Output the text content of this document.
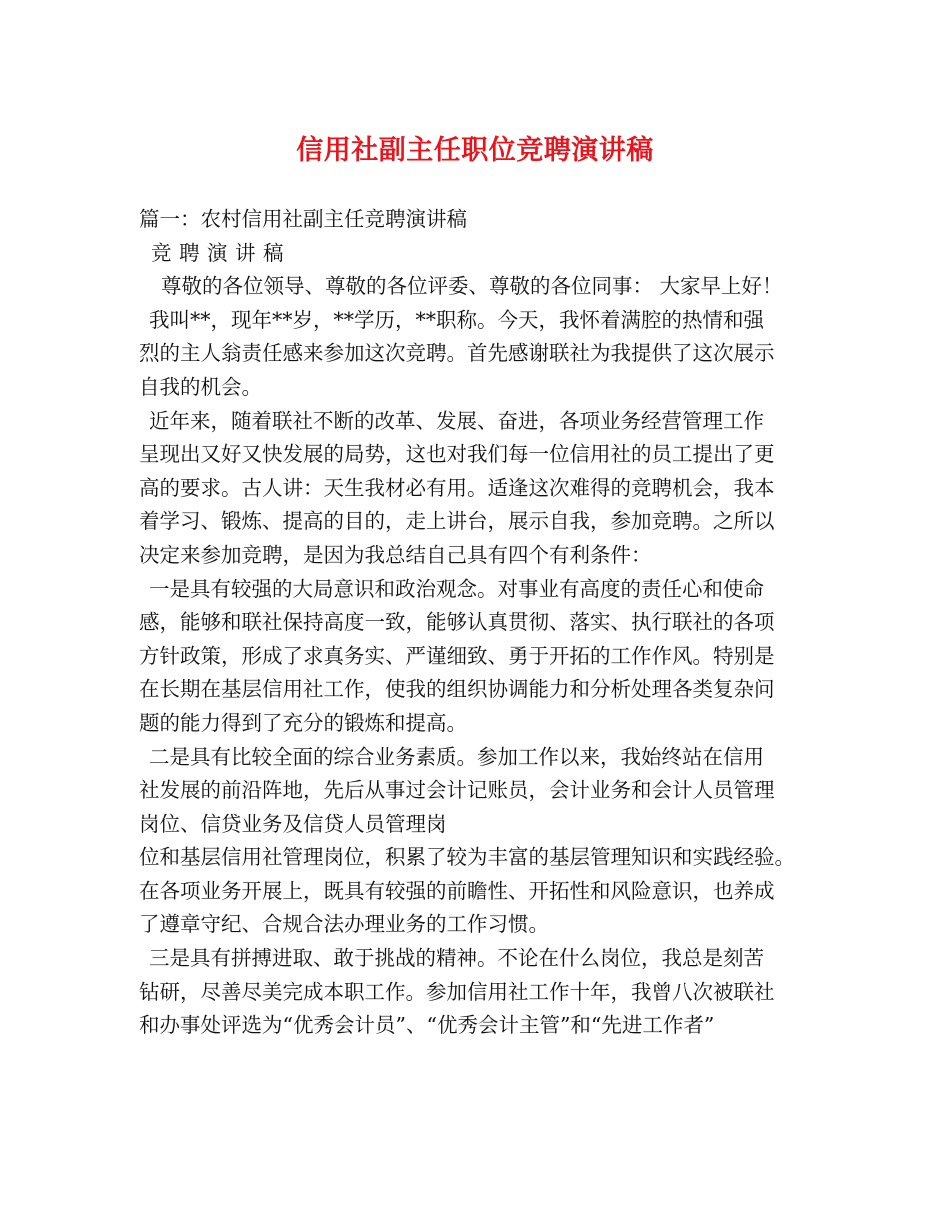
信用社副主任职位竞聘演讲稿
篇一：农村信用社副主任竞聘演讲稿
竞聘演讲稿
尊敬的各位领导、尊敬的各位评委、尊敬的各位同事： 大家早上好！
我叫**，现年**岁，**学历，**职称。今天，我怀着满腔的热情和强
烈的主人翁责任感来参加这次竞聘。首先感谢联社为我提供了这次展示
自我的机会。
近年来，随着联社不断的改革、发展、奋进，各项业务经营管理工作
呈现出又好又快发展的局势，这也对我们每一位信用社的员工提出了更
高的要求。古人讲：天生我材必有用。适逢这次难得的竞聘机会，我本
着学习、锻炼、提高的目的，走上讲台，展示自我，参加竞聘。之所以
决定来参加竞聘，是因为我总结自己具有四个有利条件：
一是具有较强的大局意识和政治观念。对事业有高度的责任心和使命
感，能够和联社保持高度一致，能够认真贯彻、落实、执行联社的各项
方针政策，形成了求真务实、严谨细致、勇于开拓的工作作风。特别是
在长期在基层信用社工作，使我的组织协调能力和分析处理各类复杂问
题的能力得到了充分的锻炼和提高。
二是具有比较全面的综合业务素质。参加工作以来，我始终站在信用
社发展的前沿阵地，先后从事过会计记账员，会计业务和会计人员管理
岗位、信贷业务及信贷人员管理岗
位和基层信用社管理岗位，积累了较为丰富的基层管理知识和实践经验。
在各项业务开展上，既具有较强的前瞻性、开拓性和风险意识，也养成
了遵章守纪、合规合法办理业务的工作习惯。
三是具有拼搏进取、敢于挑战的精神。不论在什么岗位，我总是刻苦
钻研，尽善尽美完成本职工作。参加信用社工作十年，我曾八次被联社
和办事处评选为“优秀会计员”、“优秀会计主管”和“先进工作者”
